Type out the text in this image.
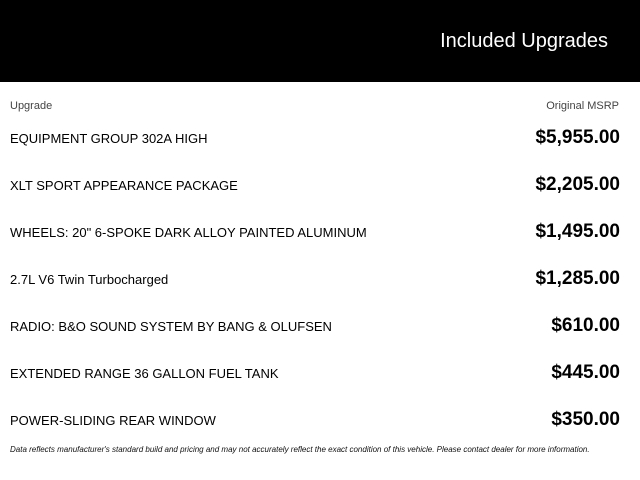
Included Upgrades
Upgrade	Original MSRP
EQUIPMENT GROUP 302A HIGH	$5,955.00
XLT SPORT APPEARANCE PACKAGE	$2,205.00
WHEELS: 20" 6-SPOKE DARK ALLOY PAINTED ALUMINUM	$1,495.00
2.7L V6 Twin Turbocharged	$1,285.00
RADIO: B&O SOUND SYSTEM BY BANG & OLUFSEN	$610.00
EXTENDED RANGE 36 GALLON FUEL TANK	$445.00
POWER-SLIDING REAR WINDOW	$350.00
Data reflects manufacturer's standard build and pricing and may not accurately reflect the exact condition of this vehicle. Please contact dealer for more information.
